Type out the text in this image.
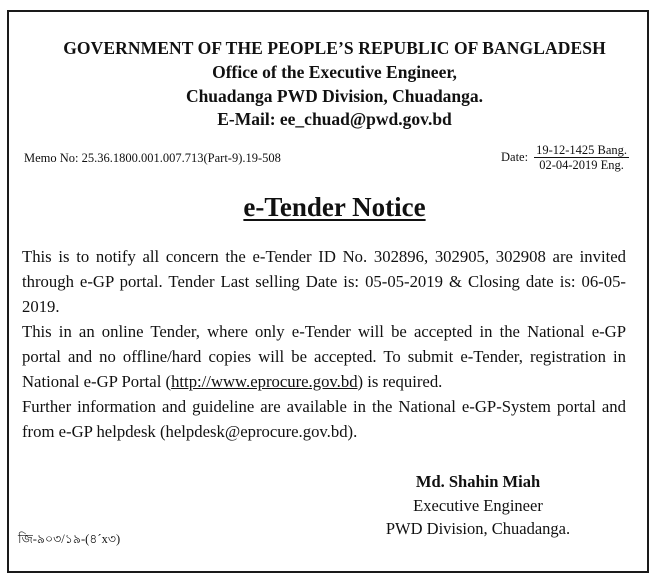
GOVERNMENT OF THE PEOPLE’S REPUBLIC OF BANGLADESH
Office of the Executive Engineer,
Chuadanga PWD Division, Chuadanga.
E-Mail: ee_chuad@pwd.gov.bd
Memo No: 25.36.1800.001.007.713(Part-9).19-508	Date: $\frac{\text{19-12-1425 Bang.}}{\text{02-04-2019 Eng.}}$
e-Tender Notice

This is to notify all concern the e-Tender ID No. 302896, 302905, 302908 are invited through e-GP portal. Tender Last selling Date is: 05-05-2019 & Closing date is: 06-05-2019.

This in an online Tender, where only e-Tender will be accepted in the National e-GP portal and no offline/hard copies will be accepted. To submit e-Tender, registration in National e-GP Portal (http://www.eprocure.gov.bd) is required.

Further information and guideline are available in the National e-GP-System portal and from e-GP helpdesk (helpdesk@eprocure.gov.bd).

Md. Shahin Miah
Executive Engineer
PWD Division, Chuadanga.
জি-৯০৩/১৯-(৪´x৩)
